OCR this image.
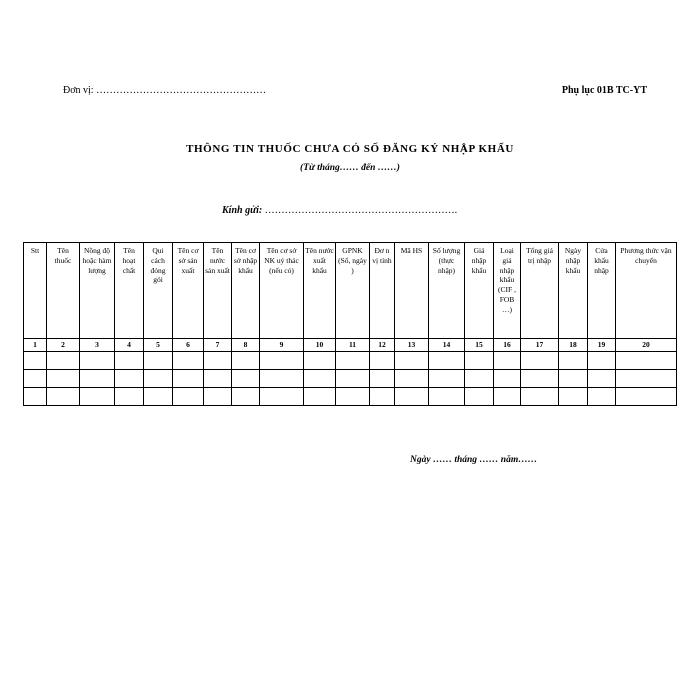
Đơn vị: ……………………………………………	Phụ lục 01B TC-YT
THÔNG TIN THUỐC CHƯA CÓ SỐ ĐĂNG KÝ NHẬP KHẨU
(Từ tháng…… đến ……)
Kính gửi: ………………………………………………….
Stt	Tên thuốc	Nồng độ hoặc hàm lượng	Tên hoạt chất	Qui cách đóng gói	Tên cơ sở sản xuất	Tên nước sản xuất	Tên cơ sở nhập khẩu	Tên cơ sở NK uỷ thác (nếu có)	Tên nước xuất khẩu	GPNK (Số, ngày )	Đơ n vị tính	Mã HS	Số lượng (thực nhập)	Giá nhập khẩu	Loại giá nhập khẩu (CIF , FOB …)	Tổng giá trị nhập	Ngày nhập khẩu	Cửa khẩu nhập	Phương thức vận chuyển
1	2	3	4	5	6	7	8	9	10	11	12	13	14	15	16	17	18	19	20

Ngày …… tháng …… năm……
